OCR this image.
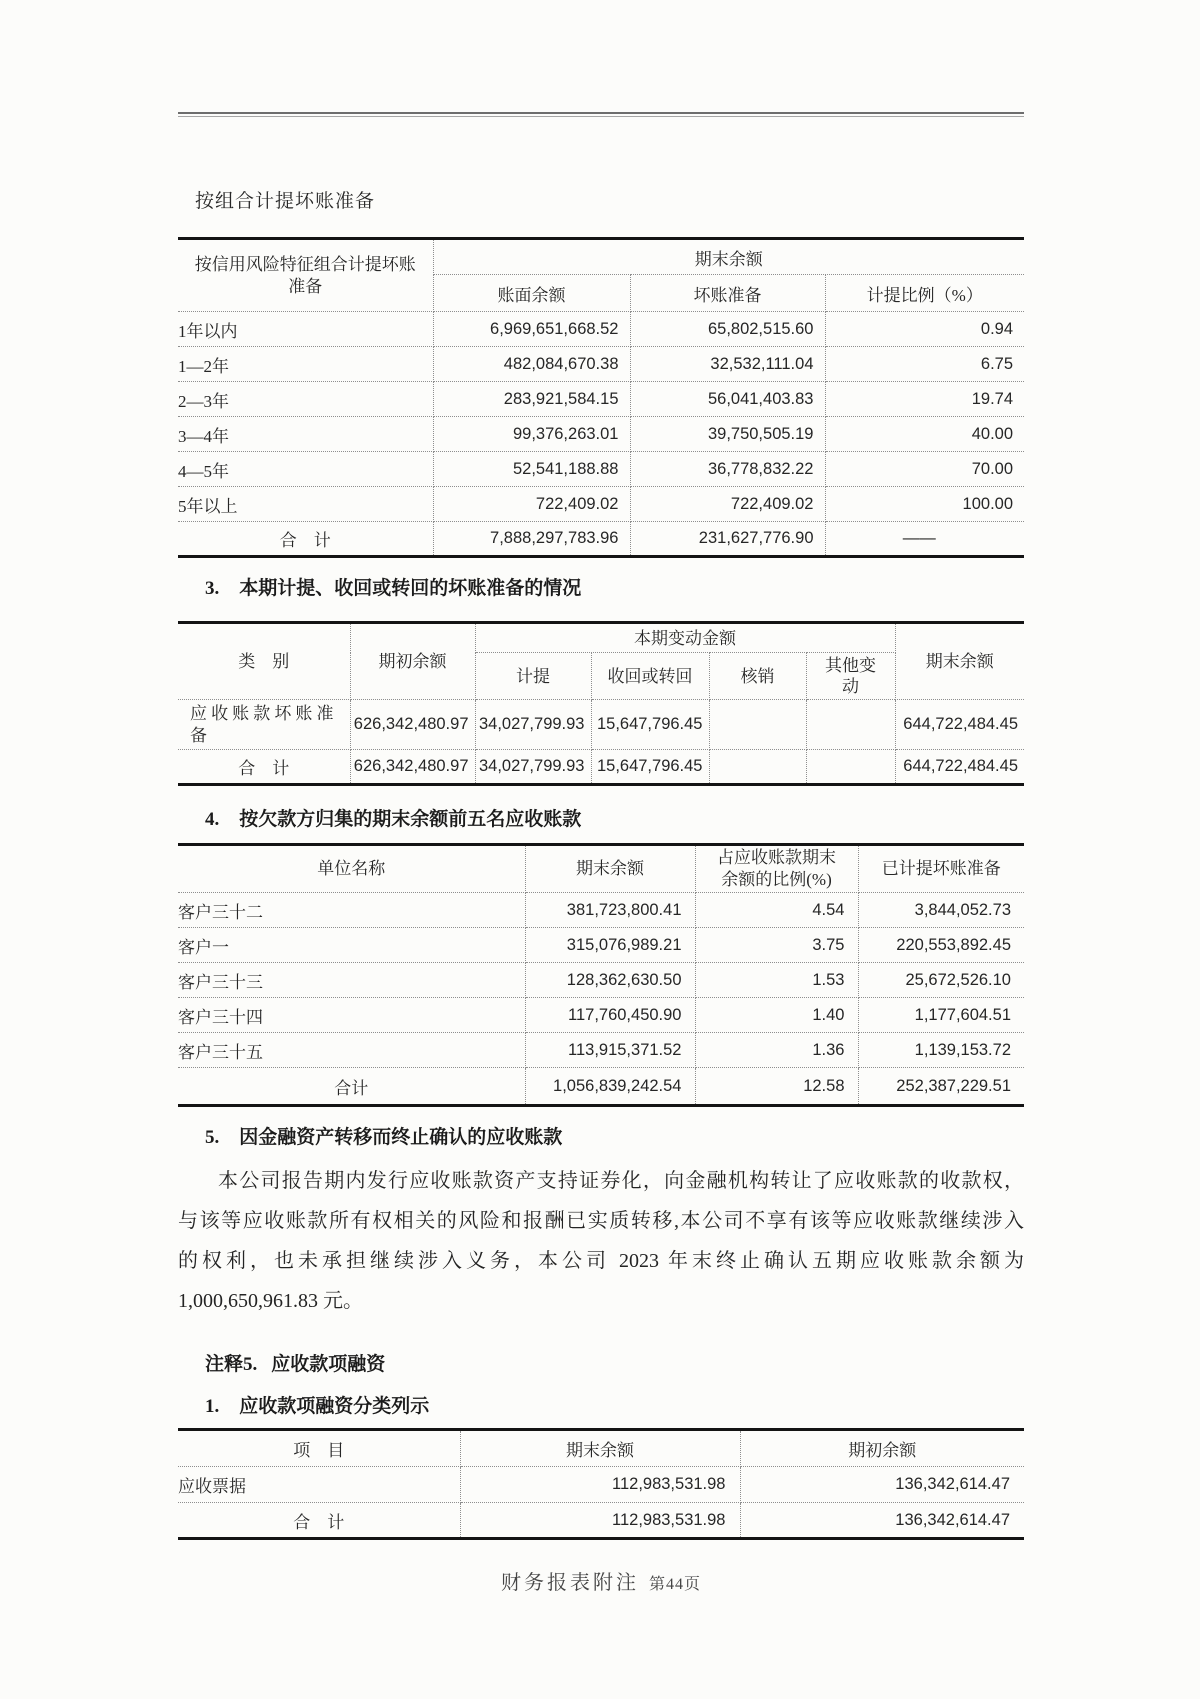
按组合计提坏账准备
按信用风险特征组合计提坏账准备	期末余额		
	账面余额	坏账准备	计提比例（%）
1年以内	6,969,651,668.52	65,802,515.60	0.94
1—2年	482,084,670.38	32,532,111.04	6.75
2—3年	283,921,584.15	56,041,403.83	19.74
3—4年	99,376,263.01	39,750,505.19	40.00
4—5年	52,541,188.88	36,778,832.22	70.00
5年以上	722,409.02	722,409.02	100.00
合　计	7,888,297,783.96	231,627,776.90	——
3. 本期计提、收回或转回的坏账准备的情况
类　别	期初余额	本期变动金额				期末余额
		计提	收回或转回	核销	其他变动	
应收账款坏账准备	626,342,480.97	34,027,799.93	15,647,796.45			644,722,484.45
合　计	626,342,480.97	34,027,799.93	15,647,796.45			644,722,484.45
4. 按欠款方归集的期末余额前五名应收账款
单位名称	期末余额	占应收账款期末余额的比例(%)	已计提坏账准备
客户三十二	381,723,800.41	4.54	3,844,052.73
客户一	315,076,989.21	3.75	220,553,892.45
客户三十三	128,362,630.50	1.53	25,672,526.10
客户三十四	117,760,450.90	1.40	1,177,604.51
客户三十五	113,915,371.52	1.36	1,139,153.72
合计	1,056,839,242.54	12.58	252,387,229.51
5. 因金融资产转移而终止确认的应收账款
本公司报告期内发行应收账款资产支持证券化，向金融机构转让了应收账款的收款权，
与该等应收账款所有权相关的风险和报酬已实质转移,本公司不享有该等应收账款继续涉入
的权利，也未承担继续涉入义务，本公司 2023 年末终止确认五期应收账款余额为
1,000,650,961.83 元。
注释5. 应收款项融资
1. 应收款项融资分类列示
项　目	期末余额	期初余额
应收票据	112,983,531.98	136,342,614.47
合　计	112,983,531.98	136,342,614.47
财务报表附注 第44页
